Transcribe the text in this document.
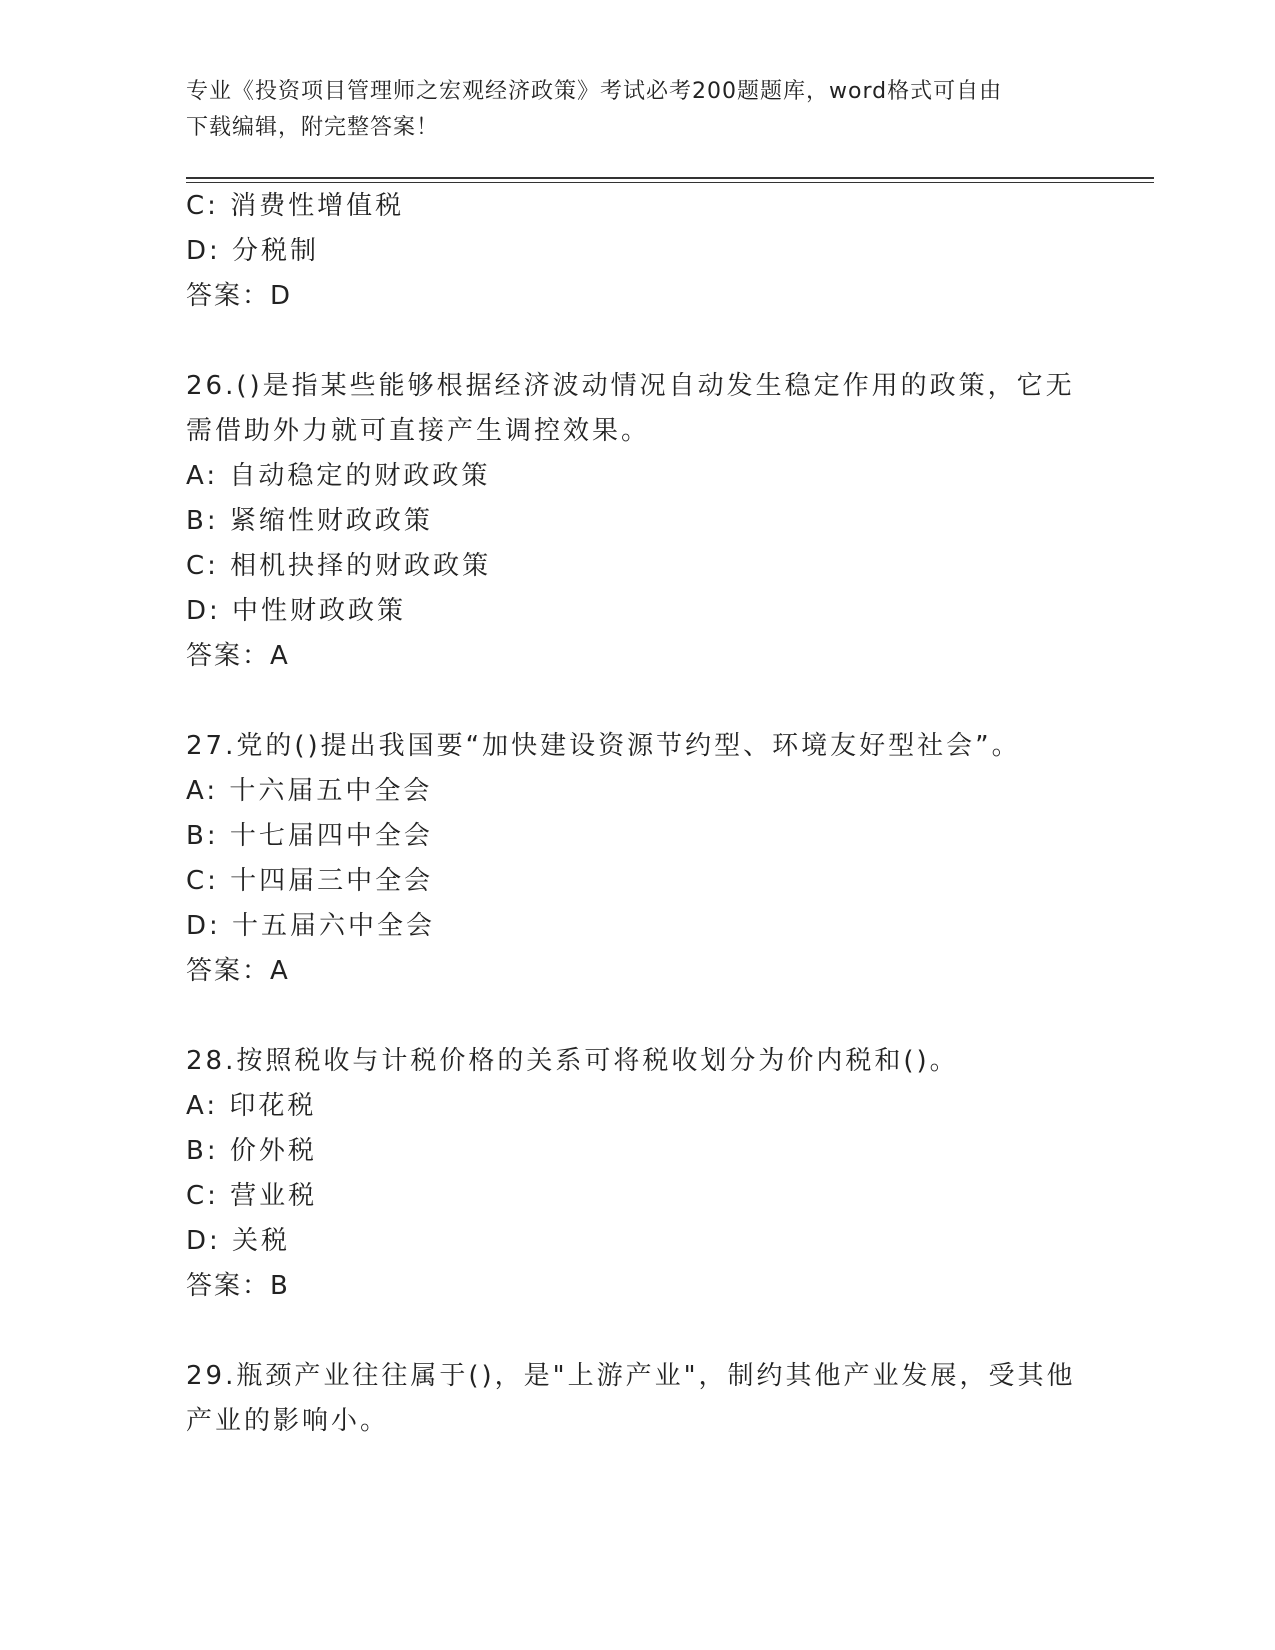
专业《投资项目管理师之宏观经济政策》考试必考200题题库，word格式可自由
下载编辑，附完整答案！
C: 消费性增值税
D: 分税制
答案：D
26.()是指某些能够根据经济波动情况自动发生稳定作用的政策，它无
需借助外力就可直接产生调控效果。
A: 自动稳定的财政政策
B: 紧缩性财政政策
C: 相机抉择的财政政策
D: 中性财政政策
答案：A
27.党的()提出我国要“加快建设资源节约型、环境友好型社会”。
A: 十六届五中全会
B: 十七届四中全会
C: 十四届三中全会
D: 十五届六中全会
答案：A
28.按照税收与计税价格的关系可将税收划分为价内税和()。
A: 印花税
B: 价外税
C: 营业税
D: 关税
答案：B
29.瓶颈产业往往属于()，是"上游产业"，制约其他产业发展，受其他
产业的影响小。
